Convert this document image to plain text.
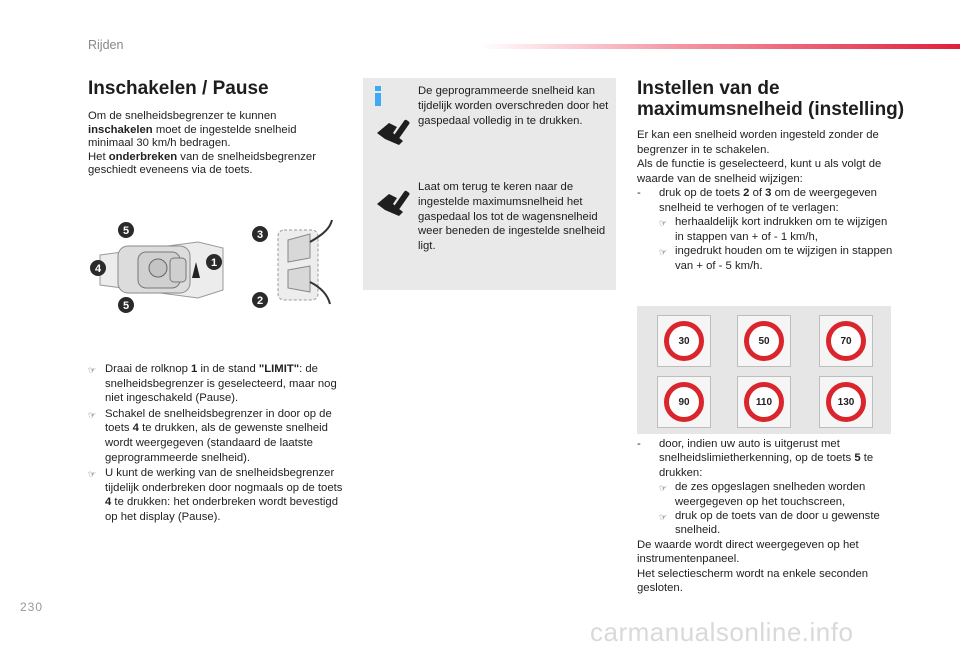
Rijden
230
carmanualsonline.info
Inschakelen / Pause
Om de snelheidsbegrenzer te kunnen
inschakelen moet de ingestelde snelheid
minimaal 30 km/h bedragen.
Het onderbreken van de snelheidsbegrenzer
geschiedt eveneens via de toets.
5
4
5
1
3
2
☞ Draai de rolknop 1 in de stand "LIMIT": de snelheidsbegrenzer is geselecteerd, maar nog niet ingeschakeld (Pause).
☞ Schakel de snelheidsbegrenzer in door op de toets 4 te drukken, als de gewenste snelheid wordt weergegeven (standaard de laatste geprogrammeerde snelheid).
☞ U kunt de werking van de snelheidsbegrenzer tijdelijk onderbreken door nogmaals op de toets 4 te drukken: het onderbreken wordt bevestigd op het display (Pause).
De geprogrammeerde snelheid kan tijdelijk worden overschreden door het gaspedaal volledig in te drukken.
Laat om terug te keren naar de ingestelde maximumsnelheid het gaspedaal los tot de wagensnelheid weer beneden de ingestelde snelheid ligt.
Instellen van de
maximumsnelheid (instelling)
Er kan een snelheid worden ingesteld zonder de begrenzer in te schakelen.
Als de functie is geselecteerd, kunt u als volgt de waarde van de snelheid wijzigen:
- druk op de toets 2 of 3 om de weergegeven snelheid te verhogen of te verlagen:
☞ herhaaldelijk kort indrukken om te wijzigen in stappen van + of - 1 km/h,
☞ ingedrukt houden om te wijzigen in stappen van + of - 5 km/h.
30	50	70
90	110	130
- door, indien uw auto is uitgerust met snelheidslimietherkenning, op de toets 5 te drukken:
☞ de zes opgeslagen snelheden worden weergegeven op het touchscreen,
☞ druk op de toets van de door u gewenste snelheid.
De waarde wordt direct weergegeven op het instrumentenpaneel.
Het selectiescherm wordt na enkele seconden gesloten.
